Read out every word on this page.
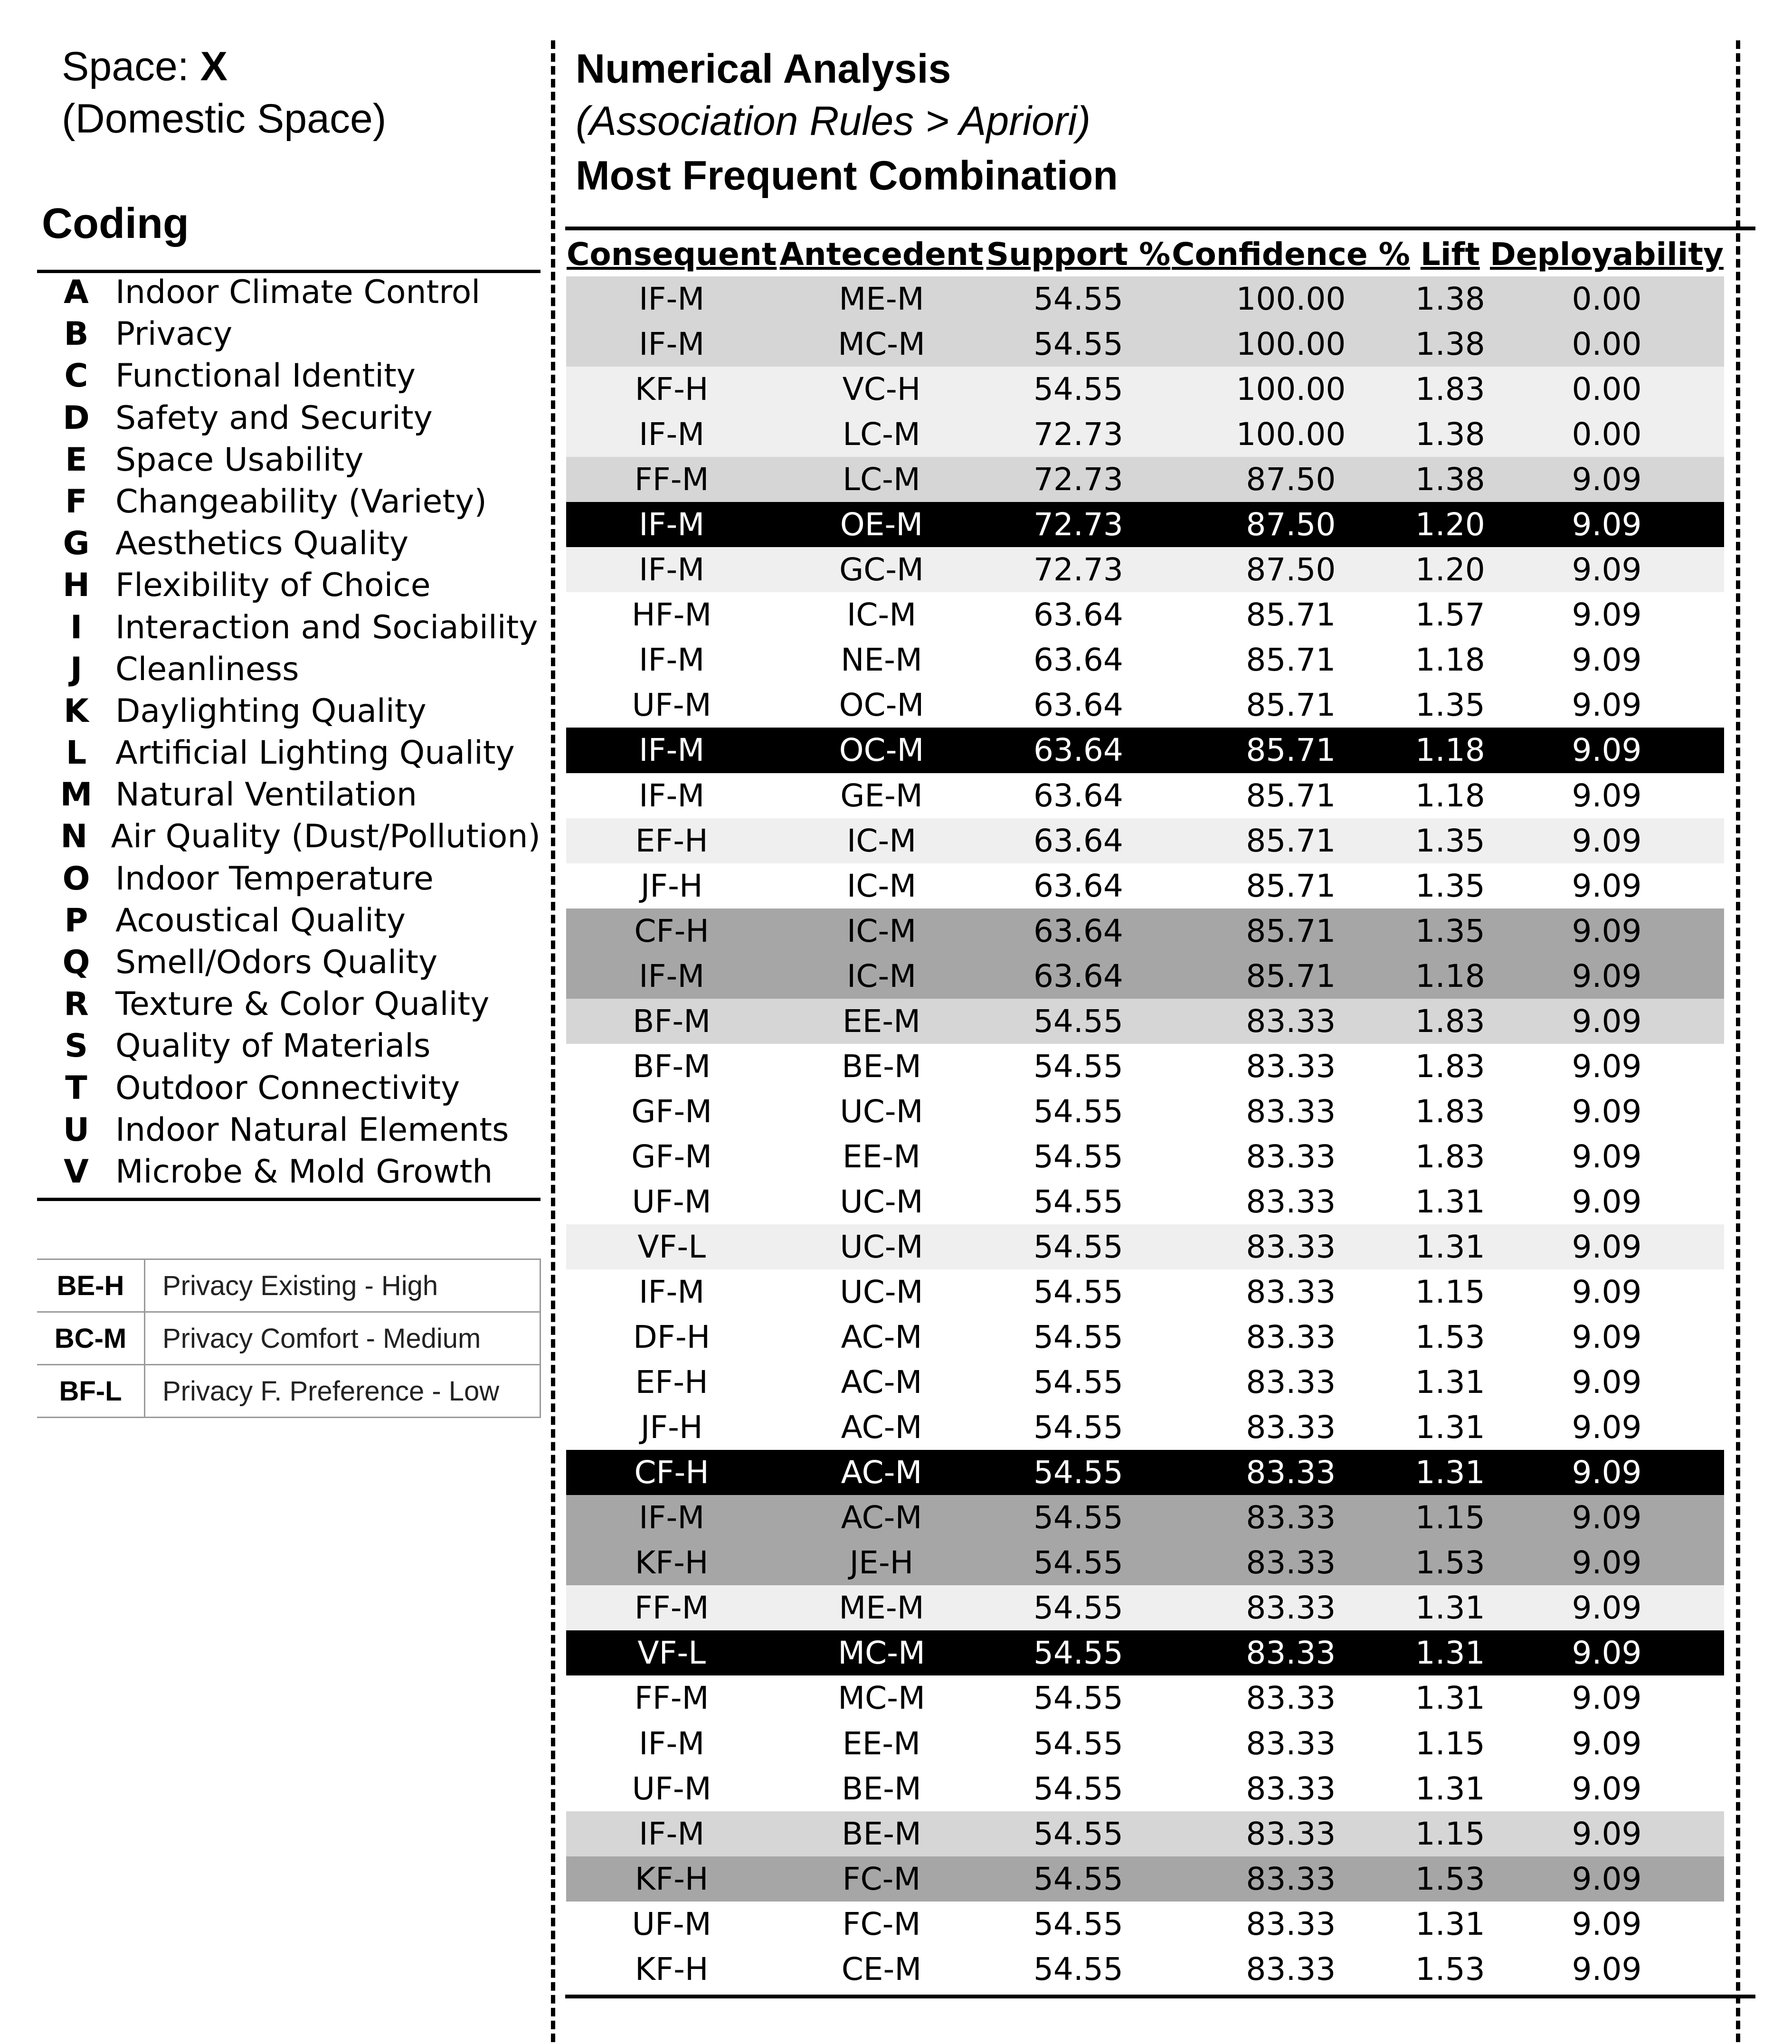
Space: X
(Domestic Space)
Coding
A Indoor Climate Control
B Privacy
C Functional Identity
D Safety and Security
E Space Usability
F Changeability (Variety)
G Aesthetics Quality
H Flexibility of Choice
I	Interaction and Sociability
J	Cleanliness
K Daylighting Quality
L Artificial Lighting Quality
M Natural Ventilation
N Air Quality (Dust/Pollution)
O Indoor Temperature
P Acoustical Quality
Q Smell/Odors Quality
R Texture & Color Quality
S Quality of Materials
T Outdoor Connectivity
U Indoor Natural Elements
V Microbe & Mold Growth
BE-H	Privacy Existing - High
BC-M	Privacy Comfort - Medium
BF-L	Privacy F. Preference - Low
Numerical Analysis
(Association Rules > Apriori)
Most Frequent Combination
Consequent	Antecedent	Support %	Confidence %	Lift	Deployability
IF-M	ME-M	54.55	100.00	1.38	0.00
IF-M	MC-M	54.55	100.00	1.38	0.00
KF-H	VC-H	54.55	100.00	1.83	0.00
IF-M	LC-M	72.73	100.00	1.38	0.00
FF-M	LC-M	72.73	87.50	1.38	9.09
IF-M	OE-M	72.73	87.50	1.20	9.09
IF-M	GC-M	72.73	87.50	1.20	9.09
HF-M	IC-M	63.64	85.71	1.57	9.09
IF-M	NE-M	63.64	85.71	1.18	9.09
UF-M	OC-M	63.64	85.71	1.35	9.09
IF-M	OC-M	63.64	85.71	1.18	9.09
IF-M	GE-M	63.64	85.71	1.18	9.09
EF-H	IC-M	63.64	85.71	1.35	9.09
JF-H	IC-M	63.64	85.71	1.35	9.09
CF-H	IC-M	63.64	85.71	1.35	9.09
IF-M	IC-M	63.64	85.71	1.18	9.09
BF-M	EE-M	54.55	83.33	1.83	9.09
BF-M	BE-M	54.55	83.33	1.83	9.09
GF-M	UC-M	54.55	83.33	1.83	9.09
GF-M	EE-M	54.55	83.33	1.83	9.09
UF-M	UC-M	54.55	83.33	1.31	9.09
VF-L	UC-M	54.55	83.33	1.31	9.09
IF-M	UC-M	54.55	83.33	1.15	9.09
DF-H	AC-M	54.55	83.33	1.53	9.09
EF-H	AC-M	54.55	83.33	1.31	9.09
JF-H	AC-M	54.55	83.33	1.31	9.09
CF-H	AC-M	54.55	83.33	1.31	9.09
IF-M	AC-M	54.55	83.33	1.15	9.09
KF-H	JE-H	54.55	83.33	1.53	9.09
FF-M	ME-M	54.55	83.33	1.31	9.09
VF-L	MC-M	54.55	83.33	1.31	9.09
FF-M	MC-M	54.55	83.33	1.31	9.09
IF-M	EE-M	54.55	83.33	1.15	9.09
UF-M	BE-M	54.55	83.33	1.31	9.09
IF-M	BE-M	54.55	83.33	1.15	9.09
KF-H	FC-M	54.55	83.33	1.53	9.09
UF-M	FC-M	54.55	83.33	1.31	9.09
KF-H	CE-M	54.55	83.33	1.53	9.09
